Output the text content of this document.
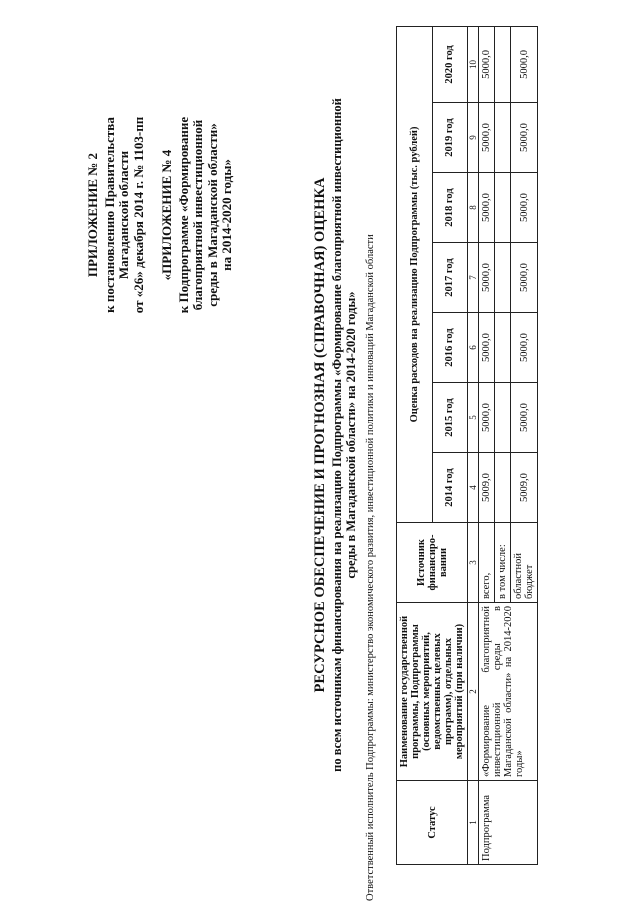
ПРИЛОЖЕНИЕ № 2 к постановлению Правительства Магаданской области от «26» декабря 2014 г. № 1103-пп «ПРИЛОЖЕНИЕ № 4 к Подпрограмме «Формирование благоприятной инвестиционной среды в Магаданской области» на 2014-2020 годы»	РЕСУРСНОЕ ОБЕСПЕЧЕНИЕ И ПРОГНОЗНАЯ (СПРАВОЧНАЯ) ОЦЕНКА по всем источникам финансирования на реализацию Подпрограммы «Формирование благоприятной инвестиционной среды в Магаданской области» на 2014-2020 годы» Ответственный исполнитель Подпрограммы: министерство экономического развития, инвестиционной политики и инноваций Магаданской области	Статус	Наименование государственной программы, Подпрограммы (основных мероприятий, ведомственных целевых программ), отдельных мероприятий (при наличии)	Источник финансиро-вании	Оценка расходов на реализацию Подпрограммы (тыс. рублей)						
			2014 год	2015 год	2016 год	2017 год	2018 год	2019 год	2020 год
1	2	3	4	5	6	7	8	9	10
Подпрограмма	«Формирование благоприятной инвестиционной среды в Магаданской области» на 2014-2020 годы»	всего,	5009,0	5000,0	5000,0	5000,0	5000,0	5000,0	5000,0
		в том числе:							
		областной бюджет	5009,0	5000,0	5000,0	5000,0	5000,0	5000,0	5000,0
